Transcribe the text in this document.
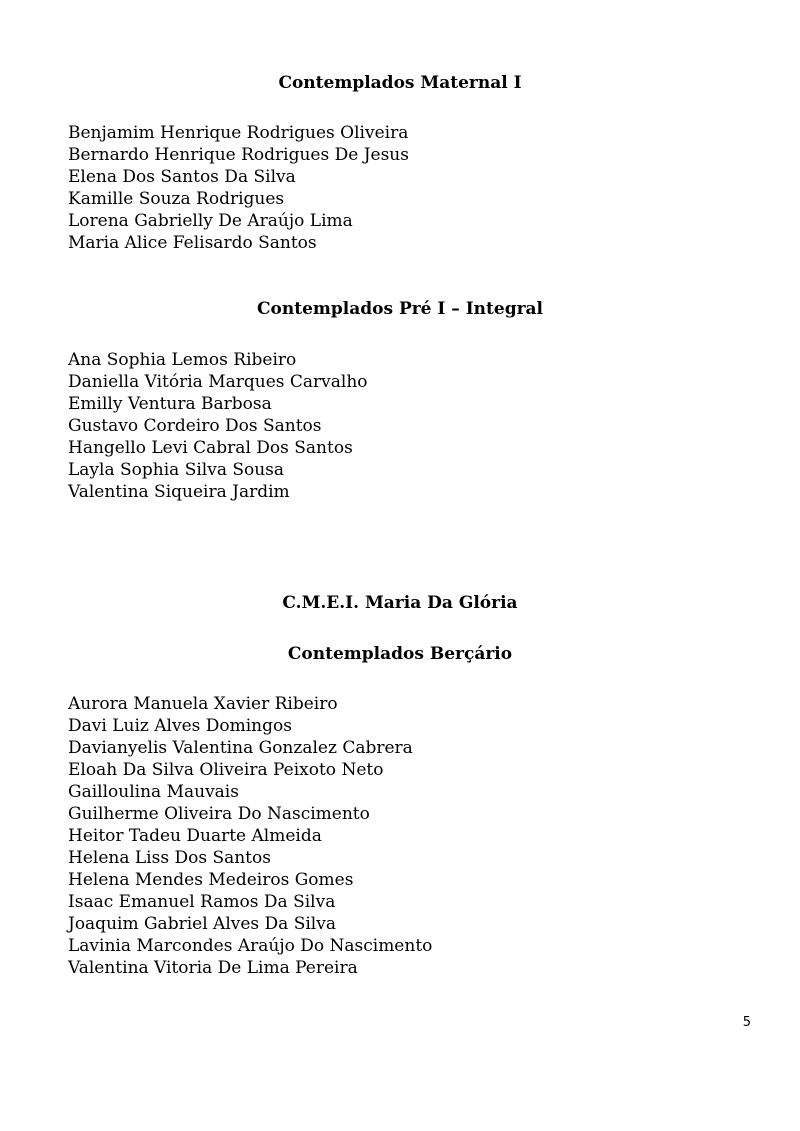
Contemplados Maternal I
Benjamim Henrique Rodrigues Oliveira
Bernardo Henrique Rodrigues De Jesus
Elena Dos Santos Da Silva
Kamille Souza Rodrigues
Lorena Gabrielly De Araújo Lima
Maria Alice Felisardo Santos
Contemplados Pré I – Integral
Ana Sophia Lemos Ribeiro
Daniella Vitória Marques Carvalho
Emilly Ventura Barbosa
Gustavo Cordeiro Dos Santos
Hangello Levi Cabral Dos Santos
Layla Sophia Silva Sousa
Valentina Siqueira Jardim
C.M.E.I. Maria Da Glória
Contemplados Berçário
Aurora Manuela Xavier Ribeiro
Davi Luiz Alves Domingos
Davianyelis Valentina Gonzalez Cabrera
Eloah Da Silva Oliveira Peixoto Neto
Gailloulina Mauvais
Guilherme Oliveira Do Nascimento
Heitor Tadeu Duarte Almeida
Helena Liss Dos Santos
Helena Mendes Medeiros Gomes
Isaac Emanuel Ramos Da Silva
Joaquim Gabriel Alves Da Silva
Lavinia Marcondes Araújo Do Nascimento
Valentina Vitoria De Lima Pereira
5
